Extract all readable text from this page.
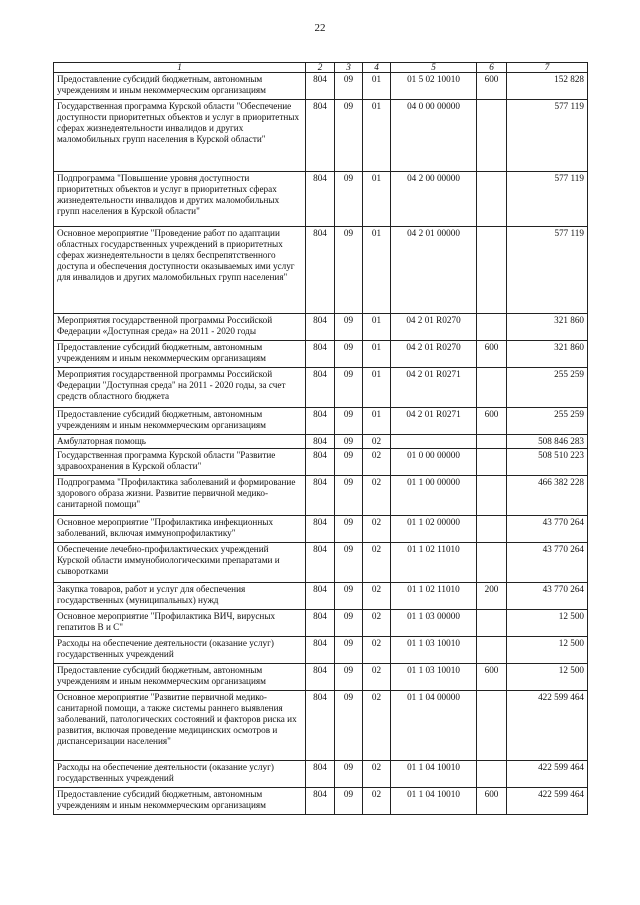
22
1	2	3	4	5	6	7
Предоставление субсидий бюджетным, автономным учреждениям и иным некоммерческим организациям	804	09	01	01 5 02 10010	600	152 828
Государственная программа Курской области "Обеспечение доступности приоритетных объектов и услуг в приоритетных сферах жизнедеятельности инвалидов и других маломобильных групп населения в Курской области"	804	09	01	04 0 00 00000		577 119
Подпрограмма "Повышение уровня доступности приоритетных объектов и услуг в приоритетных сферах жизнедеятельности инвалидов и других маломобильных групп населения в Курской области"	804	09	01	04 2 00 00000		577 119
Основное мероприятие "Проведение работ по адаптации областных государственных учреждений в приоритетных сферах жизнедеятельности в целях беспрепятственного доступа и обеспечения доступности оказываемых ими услуг для инвалидов и других маломобильных групп населения"	804	09	01	04 2 01 00000		577 119
Мероприятия государственной программы Российской Федерации «Доступная среда» на 2011 - 2020 годы	804	09	01	04 2 01 R0270		321 860
Предоставление субсидий бюджетным, автономным учреждениям и иным некоммерческим организациям	804	09	01	04 2 01 R0270	600	321 860
Мероприятия государственной программы Российской Федерации "Доступная среда" на 2011 - 2020 годы, за счет средств областного бюджета	804	09	01	04 2 01 R0271		255 259
Предоставление субсидий бюджетным, автономным учреждениям и иным некоммерческим организациям	804	09	01	04 2 01 R0271	600	255 259
Амбулаторная помощь	804	09	02			508 846 283
Государственная программа Курской области "Развитие здравоохранения в Курской области"	804	09	02	01 0 00 00000		508 510 223
Подпрограмма "Профилактика заболеваний и формирование здорового образа жизни. Развитие первичной медико-санитарной помощи"	804	09	02	01 1 00 00000		466 382 228
Основное мероприятие "Профилактика инфекционных заболеваний, включая иммунопрофилактику"	804	09	02	01 1 02 00000		43 770 264
Обеспечение лечебно-профилактических учреждений Курской области иммунобиологическими препаратами и сыворотками	804	09	02	01 1 02 11010		43 770 264
Закупка товаров, работ и услуг для обеспечения государственных (муниципальных) нужд	804	09	02	01 1 02 11010	200	43 770 264
Основное мероприятие "Профилактика ВИЧ, вирусных гепатитов В и С"	804	09	02	01 1 03 00000		12 500
Расходы на обеспечение деятельности (оказание услуг) государственных учреждений	804	09	02	01 1 03 10010		12 500
Предоставление субсидий бюджетным, автономным учреждениям и иным некоммерческим организациям	804	09	02	01 1 03 10010	600	12 500
Основное мероприятие "Развитие первичной медико-санитарной помощи, а также системы раннего выявления заболеваний, патологических состояний и факторов риска их развития, включая проведение медицинских осмотров и диспансеризации населения"	804	09	02	01 1 04 00000		422 599 464
Расходы на обеспечение деятельности (оказание услуг) государственных учреждений	804	09	02	01 1 04 10010		422 599 464
Предоставление субсидий бюджетным, автономным учреждениям и иным некоммерческим организациям	804	09	02	01 1 04 10010	600	422 599 464
